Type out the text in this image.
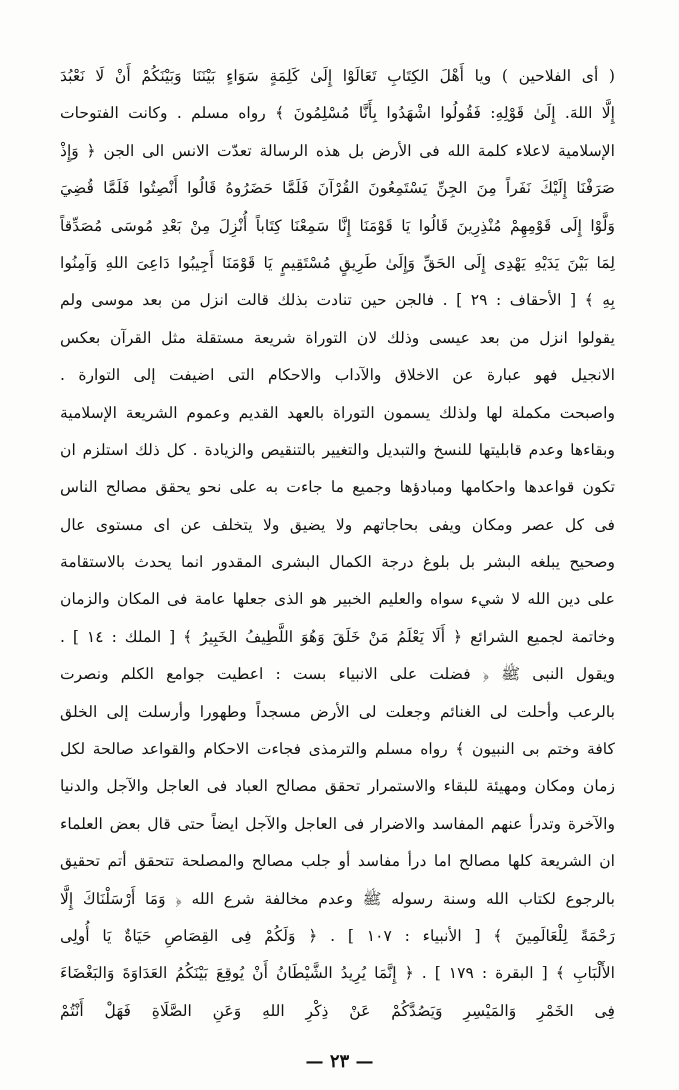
( أى الفلاحين ) ويا أَهْلَ الكِتَابِ تَعَالَوْا إِلَىٰ كَلِمَةٍ سَوَاءٍ بَيْنَنَا وَبَيْنَكُمْ أَنْ لَا نَعْبُدَ
إِلَّا اللهَ. إِلَىٰ قَوْلِهِ: فَقُولُوا اشْهَدُوا بِأَنَّا مُسْلِمُونَ ﴾ رواه مسلم . وكانت الفتوحات
الإسلامية لاعلاء كلمة الله فى الأرض بل هذه الرسالة تعدّت الانس الى الجن ﴿ وَإِذْ
صَرَفْنَا إِلَيْكَ نَفَراً مِنَ الجِنِّ يَسْتَمِعُونَ القُرْآنَ فَلَمَّا حَضَرُوهُ قَالُوا أَنْصِتُوا فَلَمَّا قُضِيَ
وَلَّوْا إِلَى قَوْمِهِمْ مُنْذِرِينَ قَالُوا يَا قَوْمَنَا إِنَّا سَمِعْنَا كِتَاباً أُنْزِلَ مِنْ بَعْدِ مُوسَى مُصَدِّقاً
لِمَا بَيْنَ يَدَيْهِ يَهْدِى إِلَى الحَقِّ وَإِلَىٰ طَرِيقٍ مُسْتَقِيمٍ يَا قَوْمَنَا أَجِيبُوا دَاعِىَ اللهِ وَآمِنُوا
بِهِ ﴾ [ الأحقاف : ٢٩ ] . فالجن حين تنادت بذلك قالت انزل من بعد موسى ولم
يقولوا انزل من بعد عيسى وذلك لان التوراة شريعة مستقلة مثل القرآن بعكس
الانجيل فهو عبارة عن الاخلاق والآداب والاحكام التى اضيفت إلى التوارة .
واصبحت مكملة لها ولذلك يسمون التوراة بالعهد القديم وعموم الشريعة الإسلامية
وبقاءها وعدم قابليتها للنسخ والتبديل والتغيير بالتنقيص والزيادة . كل ذلك استلزم ان
تكون قواعدها واحكامها ومبادؤها وجميع ما جاءت به على نحو يحقق مصالح الناس
فى كل عصر ومكان ويفى بحاجاتهم ولا يضيق ولا يتخلف عن اى مستوى عال
وصحيح يبلغه البشر بل بلوغ درجة الكمال البشرى المقدور انما يحدث بالاستقامة
على دين الله لا شيء سواه والعليم الخبير هو الذى جعلها عامة فى المكان والزمان
وخاتمة لجميع الشرائع ﴿ أَلَا يَعْلَمُ مَنْ خَلَقَ وَهُوَ اللَّطِيفُ الخَبِيرُ ﴾ [ الملك : ١٤ ] .
ويقول النبى ﷺ ﴿ فضلت على الانبياء بست : اعطيت جوامع الكلم ونصرت
بالرعب وأحلت لى الغنائم وجعلت لى الأرض مسجداً وطهورا وأرسلت إلى الخلق
كافة وختم بى النبيون ﴾ رواه مسلم والترمذى فجاءت الاحكام والقواعد صالحة لكل
زمان ومكان ومهيئة للبقاء والاستمرار تحقق مصالح العباد فى العاجل والآجل والدنيا
والآخرة وتدرأ عنهم المفاسد والاضرار فى العاجل والآجل ايضاً حتى قال بعض العلماء
ان الشريعة كلها مصالح اما درأ مفاسد أو جلب مصالح والمصلحة تتحقق أتم تحقيق
بالرجوع لكتاب الله وسنة رسوله ﷺ وعدم مخالفة شرع الله ﴿ وَمَا أَرْسَلْنَاكَ إِلَّا
رَحْمَةً لِلْعَالَمِينَ ﴾ [ الأنبياء : ١٠٧ ] . ﴿ وَلَكُمْ فِى القِصَاصِ حَيَاةٌ يَا أُولِى
الأَلْبَابِ ﴾ [ البقرة : ١٧٩ ] . ﴿ إِنَّمَا يُرِيدُ الشَّيْطَانُ أَنْ يُوقِعَ بَيْنَكُمُ العَدَاوَةَ وَالبَغْضَاءَ
فِى الخَمْرِ وَالمَيْسِرِ وَيَصُدَّكُمْ عَنْ ذِكْرِ اللهِ وَعَنِ الصَّلَاةِ فَهَلْ أَنْتُمْ
— ٢٣ —
